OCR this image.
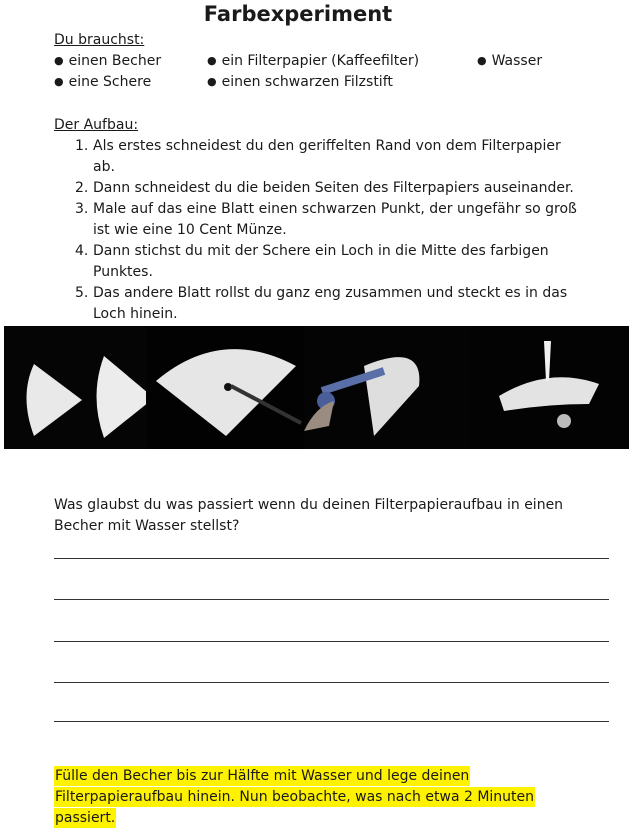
Farbexperiment
Du brauchst:
● einen Becher
● eine Schere
● ein Filterpapier (Kaffeefilter)
● einen schwarzen Filzstift
● Wasser
Der Aufbau:
1. Als erstes schneidest du den geriffelten Rand von dem Filterpapier
ab.
2. Dann schneidest du die beiden Seiten des Filterpapiers auseinander.
3. Male auf das eine Blatt einen schwarzen Punkt, der ungefähr so groß
ist wie eine 10 Cent Münze.
4. Dann stichst du mit der Schere ein Loch in die Mitte des farbigen
Punktes.
5. Das andere Blatt rollst du ganz eng zusammen und steckt es in das
Loch hinein.
Was glaubst du was passiert wenn du deinen Filterpapieraufbau in einen
Becher mit Wasser stellst?
Fülle den Becher bis zur Hälfte mit Wasser und lege deinen
Filterpapieraufbau hinein. Nun beobachte, was nach etwa 2 Minuten
passiert.
